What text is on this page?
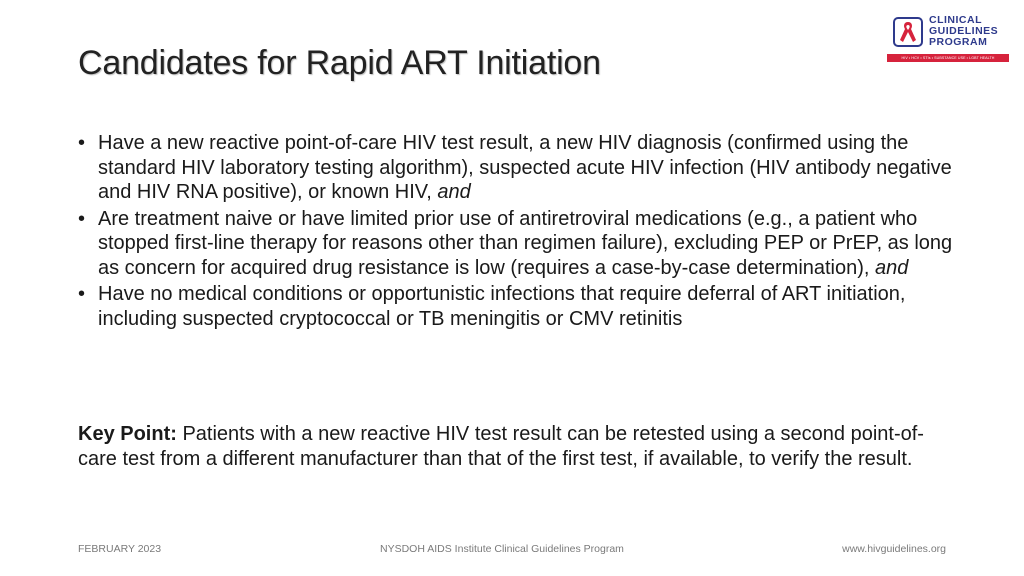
Candidates for Rapid ART Initiation
CLINICAL
GUIDELINES
PROGRAM
HIV • HCV • STIs • SUBSTANCE USE • LGBT HEALTH
• Have a new reactive point-of-care HIV test result, a new HIV diagnosis (confirmed using the standard HIV laboratory testing algorithm), suspected acute HIV infection (HIV antibody negative and HIV RNA positive), or known HIV, and
• Are treatment naive or have limited prior use of antiretroviral medications (e.g., a patient who stopped first-line therapy for reasons other than regimen failure), excluding PEP or PrEP, as long as concern for acquired drug resistance is low (requires a case-by-case determination), and
• Have no medical conditions or opportunistic infections that require deferral of ART initiation, including suspected cryptococcal or TB meningitis or CMV retinitis
Key Point: Patients with a new reactive HIV test result can be retested using a second point-of-care test from a different manufacturer than that of the first test, if available, to verify the result.
FEBRUARY 2023	NYSDOH AIDS Institute Clinical Guidelines Program	www.hivguidelines.org
